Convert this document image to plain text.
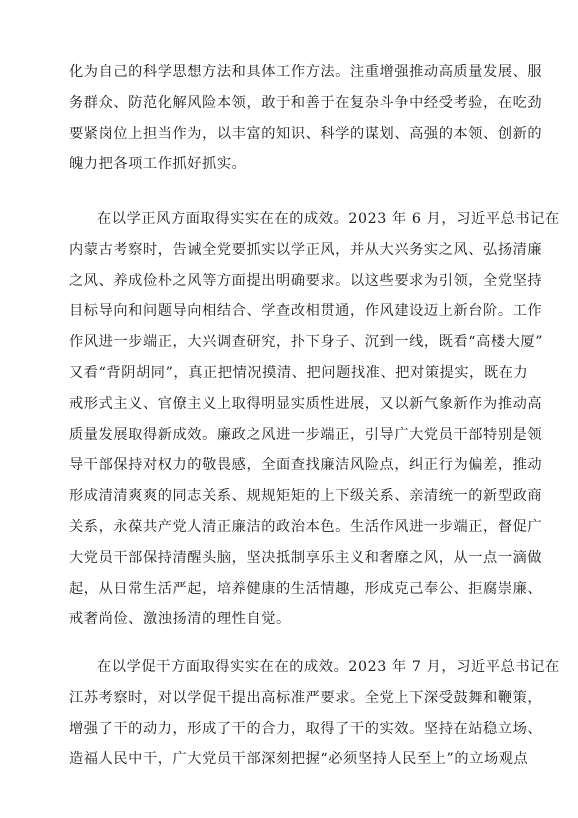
化为自己的科学思想方法和具体工作方法。注重增强推动高质量发展、服
务群众、防范化解风险本领，敢于和善于在复杂斗争中经受考验，在吃劲
要紧岗位上担当作为，以丰富的知识、科学的谋划、高强的本领、创新的
魄力把各项工作抓好抓实。
在以学正风方面取得实实在在的成效。2023 年 6 月，习近平总书记在
内蒙古考察时，告诫全党要抓实以学正风，并从大兴务实之风、弘扬清廉
之风、养成俭朴之风等方面提出明确要求。以这些要求为引领，全党坚持
目标导向和问题导向相结合、学查改相贯通，作风建设迈上新台阶。工作
作风进一步端正，大兴调查研究，扑下身子、沉到一线，既看“高楼大厦”
又看“背阴胡同”，真正把情况摸清、把问题找准、把对策提实，既在力
戒形式主义、官僚主义上取得明显实质性进展，又以新气象新作为推动高
质量发展取得新成效。廉政之风进一步端正，引导广大党员干部特别是领
导干部保持对权力的敬畏感，全面查找廉洁风险点，纠正行为偏差，推动
形成清清爽爽的同志关系、规规矩矩的上下级关系、亲清统一的新型政商
关系，永葆共产党人清正廉洁的政治本色。生活作风进一步端正，督促广
大党员干部保持清醒头脑，坚决抵制享乐主义和奢靡之风，从一点一滴做
起，从日常生活严起，培养健康的生活情趣，形成克己奉公、拒腐崇廉、
戒奢尚俭、激浊扬清的理性自觉。
在以学促干方面取得实实在在的成效。2023 年 7 月，习近平总书记在
江苏考察时，对以学促干提出高标准严要求。全党上下深受鼓舞和鞭策，
增强了干的动力，形成了干的合力，取得了干的实效。坚持在站稳立场、
造福人民中干，广大党员干部深刻把握“必须坚持人民至上”的立场观点
